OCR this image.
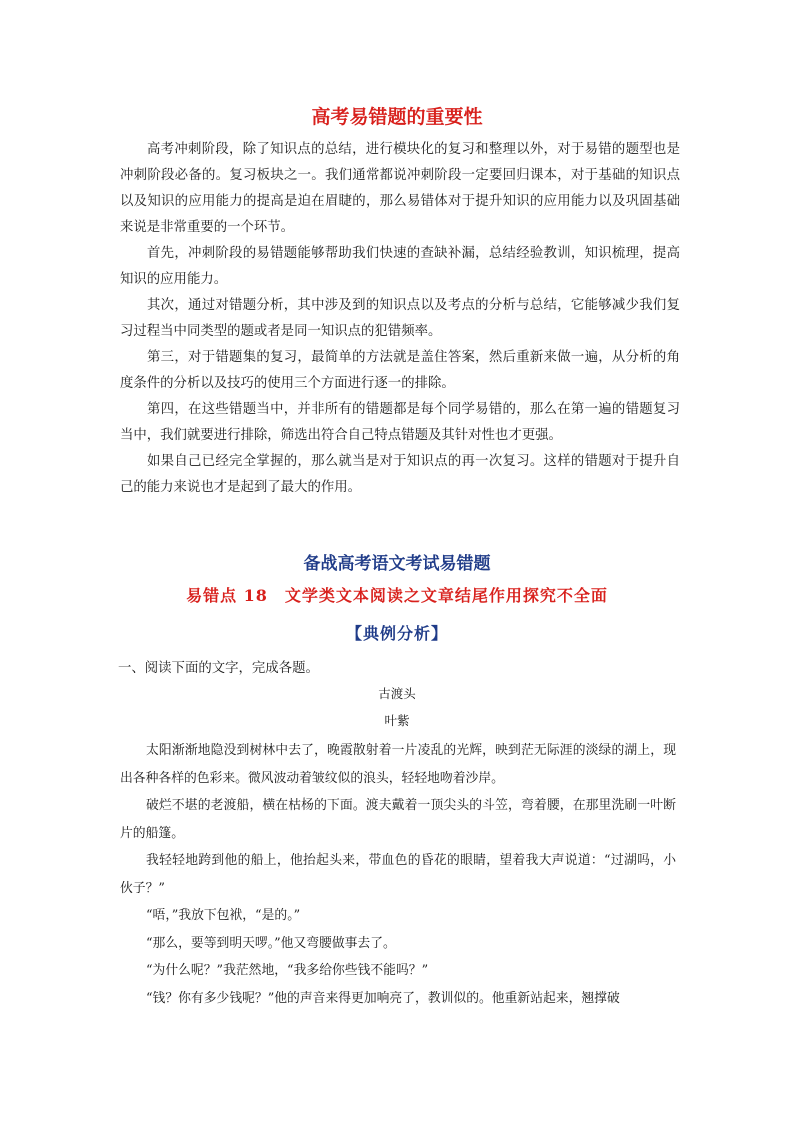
高考易错题的重要性

高考冲刺阶段，除了知识点的总结，进行模块化的复习和整理以外，对于易错的题型也是冲刺阶段必备的。复习板块之一。我们通常都说冲刺阶段一定要回归课本，对于基础的知识点以及知识的应用能力的提高是迫在眉睫的，那么易错体对于提升知识的应用能力以及巩固基础来说是非常重要的一个环节。

首先，冲刺阶段的易错题能够帮助我们快速的查缺补漏，总结经验教训，知识梳理，提高知识的应用能力。

其次，通过对错题分析，其中涉及到的知识点以及考点的分析与总结，它能够减少我们复习过程当中同类型的题或者是同一知识点的犯错频率。

第三，对于错题集的复习，最简单的方法就是盖住答案，然后重新来做一遍，从分析的角度条件的分析以及技巧的使用三个方面进行逐一的排除。

第四，在这些错题当中，并非所有的错题都是每个同学易错的，那么在第一遍的错题复习当中，我们就要进行排除，筛选出符合自己特点错题及其针对性也才更强。

如果自己已经完全掌握的，那么就当是对于知识点的再一次复习。这样的错题对于提升自己的能力来说也才是起到了最大的作用。

备战高考语文考试易错题
易错点 18　文学类文本阅读之文章结尾作用探究不全面
【典例分析】
一、阅读下面的文字，完成各题。
古渡头
叶紫

太阳渐渐地隐没到树林中去了，晚霞散射着一片凌乱的光辉，映到茫无际涯的淡绿的湖上，现出各种各样的色彩来。微风波动着皱纹似的浪头，轻轻地吻着沙岸。

破烂不堪的老渡船，横在枯杨的下面。渡夫戴着一顶尖头的斗笠，弯着腰，在那里洗刷一叶断片的船篷。

我轻轻地跨到他的船上，他抬起头来，带血色的昏花的眼睛，望着我大声说道：“过湖吗，小伙子？”

“唔，”我放下包袱，“是的。”

“那么，要等到明天啰。”他又弯腰做事去了。

“为什么呢？”我茫然地，“我多给你些钱不能吗？”

“钱？你有多少钱呢？”他的声音来得更加响亮了，教训似的。他重新站起来，翘撑破
